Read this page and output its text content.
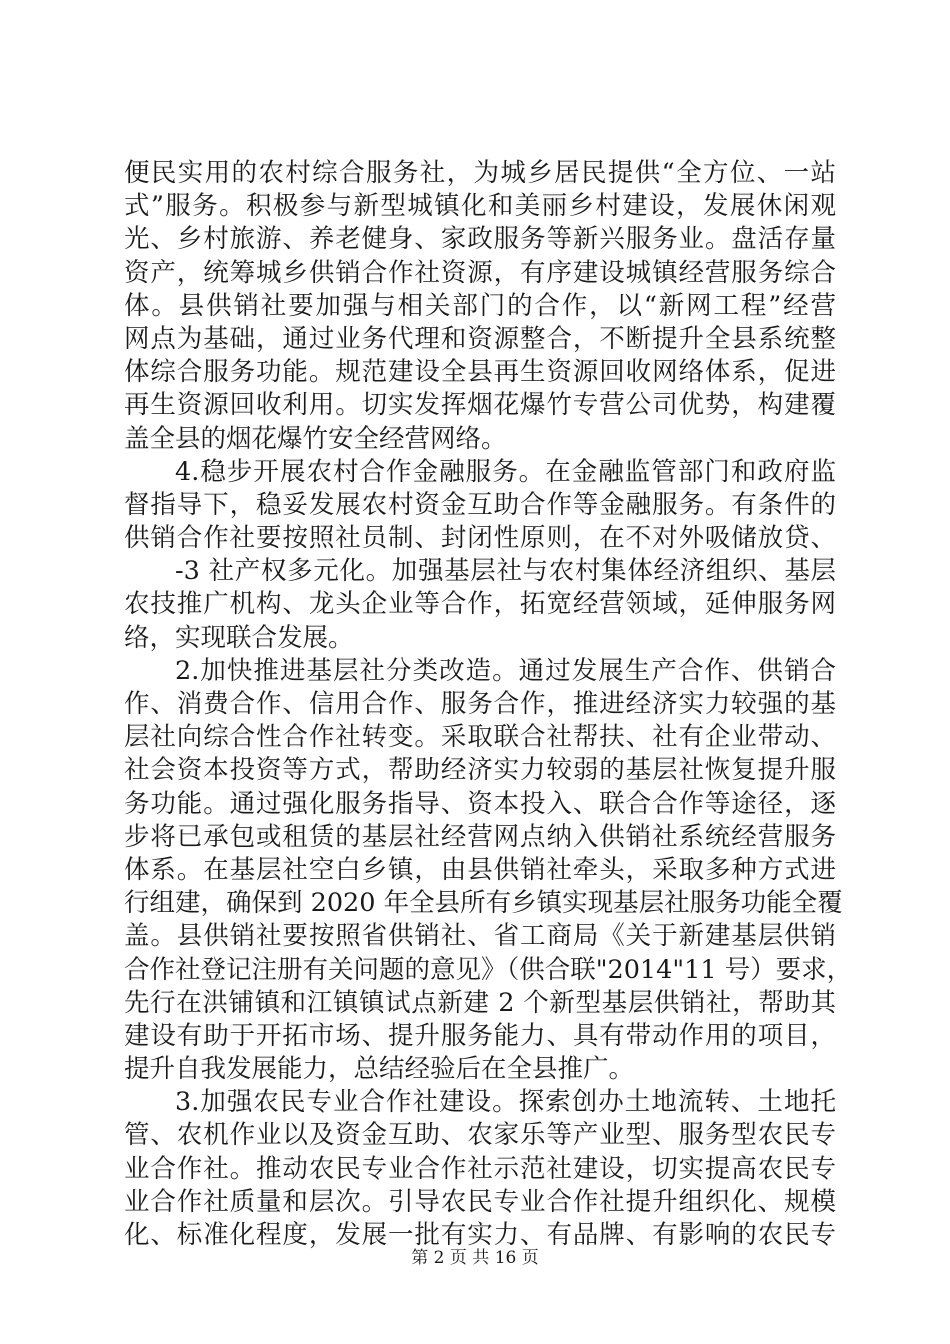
便民实用的农村综合服务社，为城乡居民提供“全方位、一站
式”服务。积极参与新型城镇化和美丽乡村建设，发展休闲观
光、乡村旅游、养老健身、家政服务等新兴服务业。盘活存量
资产，统筹城乡供销合作社资源，有序建设城镇经营服务综合
体。县供销社要加强与相关部门的合作，以“新网工程”经营
网点为基础，通过业务代理和资源整合，不断提升全县系统整
体综合服务功能。规范建设全县再生资源回收网络体系，促进
再生资源回收利用。切实发挥烟花爆竹专营公司优势，构建覆
盖全县的烟花爆竹安全经营网络。
4.稳步开展农村合作金融服务。在金融监管部门和政府监
督指导下，稳妥发展农村资金互助合作等金融服务。有条件的
供销合作社要按照社员制、封闭性原则，在不对外吸储放贷、
-3 社产权多元化。加强基层社与农村集体经济组织、基层
农技推广机构、龙头企业等合作，拓宽经营领域，延伸服务网
络，实现联合发展。
2.加快推进基层社分类改造。通过发展生产合作、供销合
作、消费合作、信用合作、服务合作，推进经济实力较强的基
层社向综合性合作社转变。采取联合社帮扶、社有企业带动、
社会资本投资等方式，帮助经济实力较弱的基层社恢复提升服
务功能。通过强化服务指导、资本投入、联合合作等途径，逐
步将已承包或租赁的基层社经营网点纳入供销社系统经营服务
体系。在基层社空白乡镇，由县供销社牵头，采取多种方式进
行组建，确保到 2020 年全县所有乡镇实现基层社服务功能全覆
盖。县供销社要按照省供销社、省工商局《关于新建基层供销
合作社登记注册有关问题的意见》（供合联"2014"11 号）要求，
先行在洪铺镇和江镇镇试点新建 2 个新型基层供销社，帮助其
建设有助于开拓市场、提升服务能力、具有带动作用的项目，
提升自我发展能力，总结经验后在全县推广。
3.加强农民专业合作社建设。探索创办土地流转、土地托
管、农机作业以及资金互助、农家乐等产业型、服务型农民专
业合作社。推动农民专业合作社示范社建设，切实提高农民专
业合作社质量和层次。引导农民专业合作社提升组织化、规模
化、标准化程度，发展一批有实力、有品牌、有影响的农民专
第 2 页 共 16 页
